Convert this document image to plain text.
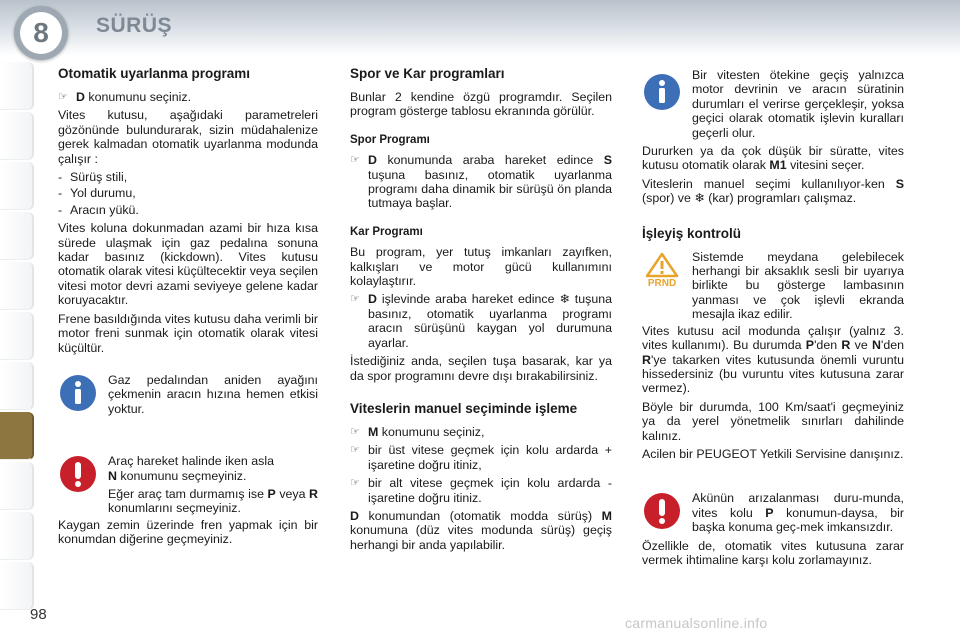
8	SÜRÜŞ
Otomatik uyarlanma programı
☞ D konumunu seçiniz.

Vites kutusu, aşağıdaki parametreleri gözönünde bulundurarak, sizin müdahalenize gerek kalmadan otomatik uyarlanma modunda çalışır :

- Sürüş stili,
- Yol durumu,
- Aracın yükü.

Vites koluna dokunmadan azami bir hıza kısa sürede ulaşmak için gaz pedalına sonuna kadar basınız (kickdown). Vites kutusu otomatik olarak vitesi küçültecektir veya seçilen vitesi motor devri azami seviyeye gelene kadar koruyacaktır.

Frene basıldığında vites kutusu daha verimli bir motor freni sunmak için otomatik olarak vitesi küçültür.

Gaz pedalından aniden ayağını çekmenin aracın hızına hemen etkisi yoktur.

Araç hareket halinde iken asla
N konumunu seçmeyiniz.

Eğer araç tam durmamış ise P veya R konumlarını seçmeyiniz.

Kaygan zemin üzerinde fren yapmak için bir konumdan diğerine geçmeyiniz.

Spor ve Kar programları

Bunlar 2 kendine özgü programdır. Seçilen program gösterge tablosu ekranında görülür.

Spor Programı
☞ D konumunda araba hareket edince S tuşuna basınız, otomatik uyarlanma programı daha dinamik bir sürüşü ön planda tutmaya başlar.
Kar Programı

Bu program, yer tutuş imkanları zayıfken, kalkışları ve motor gücü kullanımını kolaylaştırır.

☞ D işlevinde araba hareket edince ❄ tuşuna basınız, otomatik uyarlanma programı aracın sürüşünü kaygan yol durumuna ayarlar.

İstediğiniz anda, seçilen tuşa basarak, kar ya da spor programını devre dışı bırakabilirsiniz.

Viteslerin manuel seçiminde işleme
☞ M konumunu seçiniz,
☞ bir üst vitese geçmek için kolu ardarda + işaretine doğru itiniz,
☞ bir alt vitese geçmek için kolu ardarda - işaretine doğru itiniz.

D konumundan (otomatik modda sürüş) M konumuna (düz vites modunda sürüş) geçiş herhangi bir anda yapılabilir.

Bir vitesten ötekine geçiş yalnızca motor devrinin ve aracın süratinin durumları el verirse gerçekleşir, yoksa geçici olarak otomatik işlevin kuralları geçerli olur.

Dururken ya da çok düşük bir süratte, vites kutusu otomatik olarak M1 vitesini seçer.

Viteslerin manuel seçimi kullanılıyor-ken S (spor) ve ❄ (kar) programları çalışmaz.

İşleyiş kontrolü
PRND
Sistemde meydana gelebilecek herhangi bir aksaklık sesli bir uyarıya birlikte bu gösterge lambasının yanması ve çok işlevli ekranda mesajla ikaz edilir.

Vites kutusu acil modunda çalışır (yalnız 3. vites kullanımı). Bu durumda P'den R ve N'den R'ye takarken vites kutusunda önemli vuruntu hissedersiniz (bu vuruntu vites kutusuna zarar vermez).

Böyle bir durumda, 100 Km/saat'i geçmeyiniz ya da yerel yönetmelik sınırları dahilinde kalınız.

Acilen bir PEUGEOT Yetkili Servisine danışınız.

Akünün arızalanması duru-munda, vites kolu P konumun-daysa, bir başka konuma geç-mek imkansızdır.

Özellikle de, otomatik vites kutusuna zarar vermek ihtimaline karşı kolu zorlamayınız.

98	carmanualsonline.info
